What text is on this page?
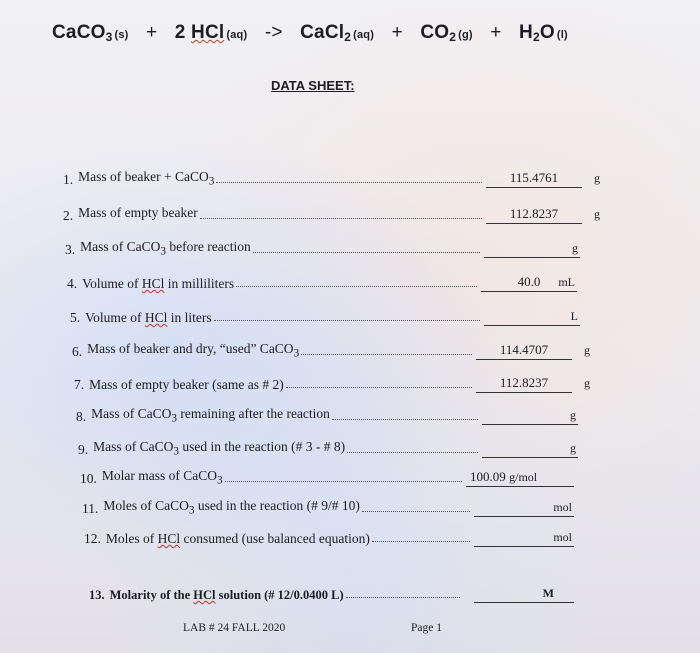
CaCO$_3$ (s) + 2 HCl (aq) -> CaCl$_2$ $(aq) + CO_2$ $(g) + H_2O$ (l)
DATA SHEET:
1. Mass of beaker + CaCO$_3$	115.4761	g
2. Mass of empty beaker	112.8237	g
3. Mass of CaCO$_3$ before reaction	g
4. Volume of HCl in milliliters	40.0 mL
5. Volume of HCl in liters	L
6. Mass of beaker and dry, “used” CaCO$_3$	114.4707	g
7. Mass of empty beaker (same as # 2)	112.8237	g
8. Mass of CaCO$_3$ remaining after the reaction	g
9. Mass of CaCO$_3$ used in the reaction (# 3 - # 8)	g
10. Molar mass of CaCO$_3$	100.09 g/mol
11. Moles of CaCO$_3$ used in the reaction (# 9/# 10)	mol
12. Moles of HCl consumed (use balanced equation)	mol
13. Molarity of the HCl solution (# 12/0.0400 L)	M
LAB # 24 FALL 2020	Page 1
